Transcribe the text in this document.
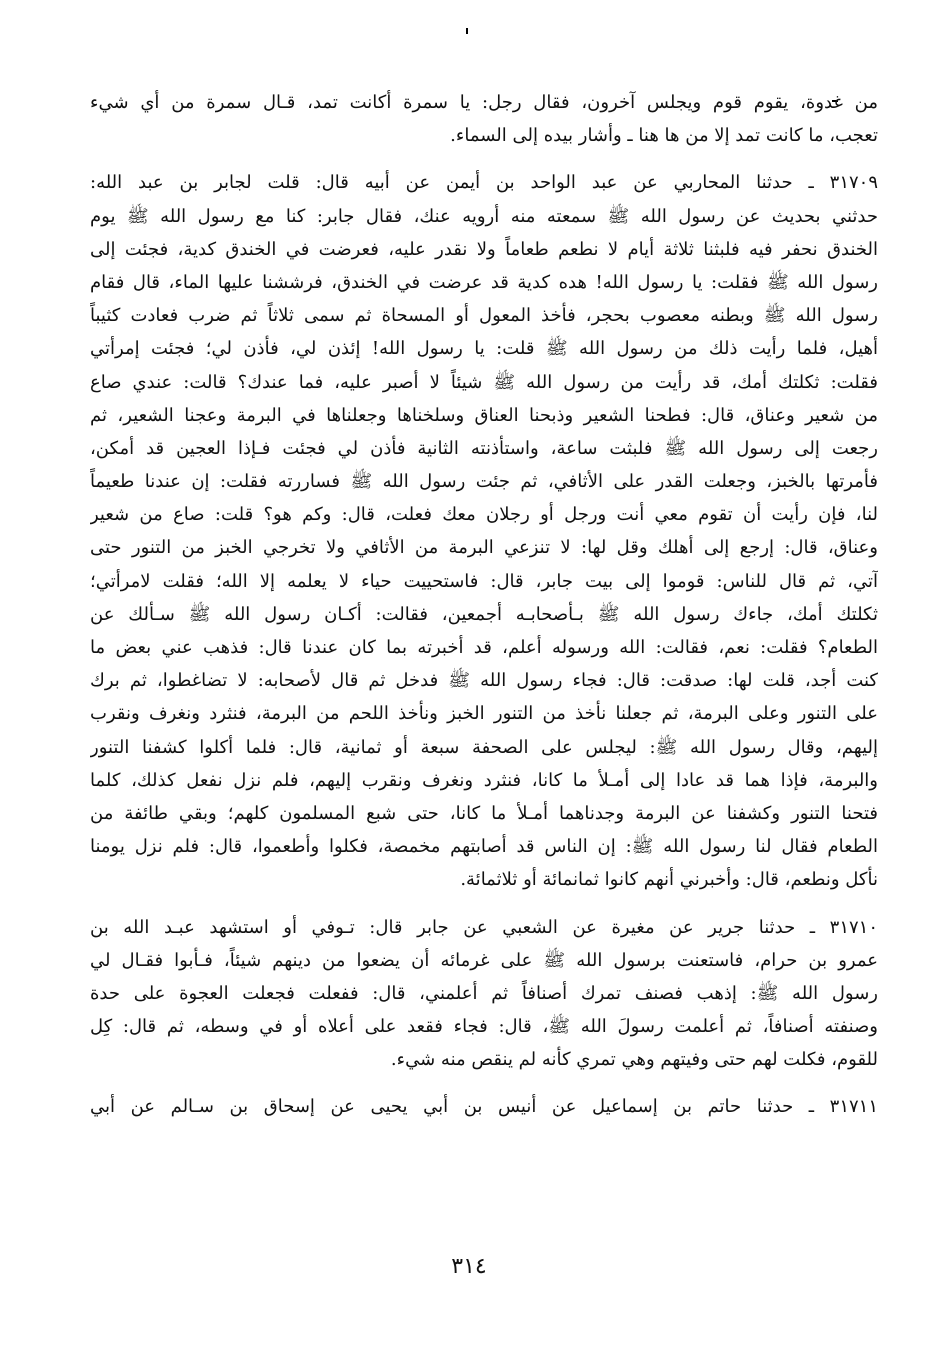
من غدوة، يقوم قوم ويجلس آخرون، فقال رجل: يا سمرة أكانت تمد، قـال سمرة من أي شيء
تعجب، ما كانت تمد إلا من ها هنا ـ وأشار بيده إلى السماء.
٣١٧٠٩ ـ حدثنا المحاربي عن عبد الواحد بن أيمن عن أبيه قال: قلت لجابر بن عبد الله:
حدثني بحديث عن رسول الله ﷺ سمعته منه أرويه عنك، فقال جابر: كنا مع رسول الله ﷺ يوم
الخندق نحفر فيه فلبثنا ثلاثة أيام لا نطعم طعاماً ولا نقدر عليه، فعرضت في الخندق كدية، فجئت إلى
رسول الله ﷺ فقلت: يا رسول الله! هده كدية قد عرضت في الخندق، فرششنا عليها الماء، قال فقام
رسول الله ﷺ وبطنه معصوب بحجر، فأخذ المعول أو المسحاة ثم سمى ثلاثاً ثم ضرب فعادت كثيباً
أهيل، فلما رأيت ذلك من رسول الله ﷺ قلت: يا رسول الله! إئذن لي، فأذن لي؛ فجئت إمرأتي
فقلت: ثكلتك أمك، قد رأيت من رسول الله ﷺ شيئاً لا أصبر عليه، فما عندك؟ قالت: عندي صاع
من شعير وعناق، قال: فطحنا الشعير وذبحنا العناق وسلخناها وجعلناها في البرمة وعجنا الشعير، ثم
رجعت إلى رسول الله ﷺ فلبثت ساعة، واستأذنته الثانية فأذن لي فجئت فـإذا العجين قد أمكن،
فأمرتها بالخبز، وجعلت القدر على الأثافي، ثم جئت رسول الله ﷺ فساررته فقلت: إن عندنا طعيماً
لنا، فإن رأيت أن تقوم معي أنت ورجل أو رجلان معك فعلت، قال: وكم هو؟ قلت: صاع من شعير
وعناق، قال: إرجع إلى أهلك وقل لها: لا تنزعي البرمة من الأثافي ولا تخرجي الخبز من التنور حتى
آتي، ثم قال للناس: قوموا إلى بيت جابر، قال: فاستحييت حياء لا يعلمه إلا الله؛ فقلت لامرأتي؛
ثكلتك أمك، جاءك رسول الله ﷺ بـأصحابـه أجمعين، فقالت: أكـان رسول الله ﷺ سـألك عن
الطعام؟ فقلت: نعم، فقالت: الله ورسوله أعلم، قد أخبرته بما كان عندنا قال: فذهب عني بعض ما
كنت أجد، قلت لها: صدقت: قال: فجاء رسول الله ﷺ فدخل ثم قال لأصحابه: لا تضاغطوا، ثم برك
على التنور وعلى البرمة، ثم جعلنا نأخذ من التنور الخبز ونأخذ اللحم من البرمة، فنثرد ونغرف ونقرب
إليهم، وقال رسول الله ﷺ: ليجلس على الصحفة سبعة أو ثمانية، قال: فلما أكلوا كشفنا التنور
والبرمة، فإذا هما قد عادا إلى أمـلأ ما كانا، فنثرد ونغرف ونقرب إليهم، فلم نزل نفعل كذلك، كلما
فتحنا التنور وكشفنا عن البرمة وجدناهما أمـلأ ما كانا، حتى شبع المسلمون كلهم؛ وبقي طائفة من
الطعام فقال لنا رسول الله ﷺ: إن الناس قد أصابتهم مخمصة، فكلوا وأطعموا، قال: فلم نزل يومنا
نأكل ونطعم، قال: وأخبرني أنهم كانوا ثمانمائة أو ثلاثمائة.
٣١٧١٠ ـ حدثنا جرير عن مغيرة عن الشعبي عن جابر قال: تـوفي أو استشهد عبـد الله بن
عمرو بن حرام، فاستعنت برسول الله ﷺ على غرمائه أن يضعوا من دينهم شيئاً، فـأبوا فقـال لي
رسول الله ﷺ: إذهب فصنف تمرك أصنافاً ثم أعلمني، قال: ففعلت فجعلت العجوة على حدة
وصنفته أصنافاً، ثم أعلمت رسولَ الله ﷺ، قال: فجاء فقعد على أعلاه أو في وسطه، ثم قال: كِل
للقوم، فكلت لهم حتى وفيتهم وهي تمري كأنه لم ينقص منه شيء.
٣١٧١١ ـ حدثنا حاتم بن إسماعيل عن أنيس بن أبي يحيى عن إسحاق بن سـالم عن أبي
٣١٤
